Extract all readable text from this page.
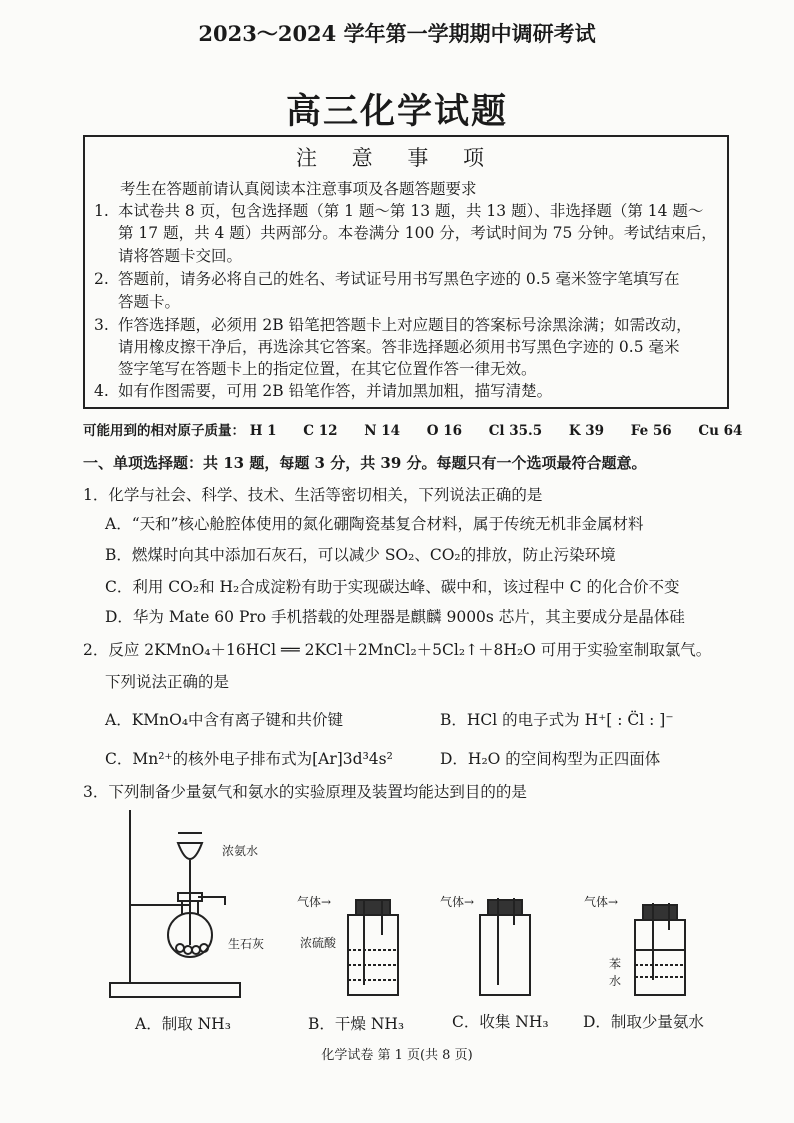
2023～2024 学年第一学期期中调研考试
高三化学试题
注 意 事 项
考生在答题前请认真阅读本注意事项及各题答题要求
1. 本试卷共 8 页，包含选择题（第 1 题～第 13 题，共 13 题）、非选择题（第 14 题～
第 17 题，共 4 题）共两部分。本卷满分 100 分，考试时间为 75 分钟。考试结束后，
请将答题卡交回。
2. 答题前，请务必将自己的姓名、考试证号用书写黑色字迹的 0.5 毫米签字笔填写在
答题卡。
3. 作答选择题，必须用 2B 铅笔把答题卡上对应题目的答案标号涂黑涂满；如需改动，
请用橡皮擦干净后，再选涂其它答案。答非选择题必须用书写黑色字迹的 0.5 毫米
签字笔写在答题卡上的指定位置，在其它位置作答一律无效。
4. 如有作图需要，可用 2B 铅笔作答，并请加黑加粗，描写清楚。
可能用到的相对原子质量： H 1 C 12 N 14 O 16 Cl 35.5 K 39 Fe 56 Cu 64
一、单项选择题：共 13 题，每题 3 分，共 39 分。每题只有一个选项最符合题意。
1．化学与社会、科学、技术、生活等密切相关，下列说法正确的是
A．“天和”核心舱腔体使用的氮化硼陶瓷基复合材料，属于传统无机非金属材料
B．燃煤时向其中添加石灰石，可以减少 SO₂、CO₂的排放，防止污染环境
C．利用 CO₂和 H₂合成淀粉有助于实现碳达峰、碳中和，该过程中 C 的化合价不变
D．华为 Mate 60 Pro 手机搭载的处理器是麒麟 9000s 芯片，其主要成分是晶体硅
2．反应 2KMnO₄＋16HCl ══ 2KCl＋2MnCl₂＋5Cl₂↑＋8H₂O 可用于实验室制取氯气。
下列说法正确的是
A．KMnO₄中含有离子键和共价键	B．HCl 的电子式为 H⁺[ : C̈l : ]⁻
C．Mn²⁺的核外电子排布式为[Ar]3d³4s²	D．H₂O 的空间构型为正四面体
3．下列制备少量氨气和氨水的实验原理及装置均能达到目的的是
浓氨水
生石灰
气体→
浓硫酸
气体→	气体→
苯
水
A．制取 NH₃	B．干燥 NH₃	C．收集 NH₃ D．制取少量氨水
化学试卷 第 1 页(共 8 页)
